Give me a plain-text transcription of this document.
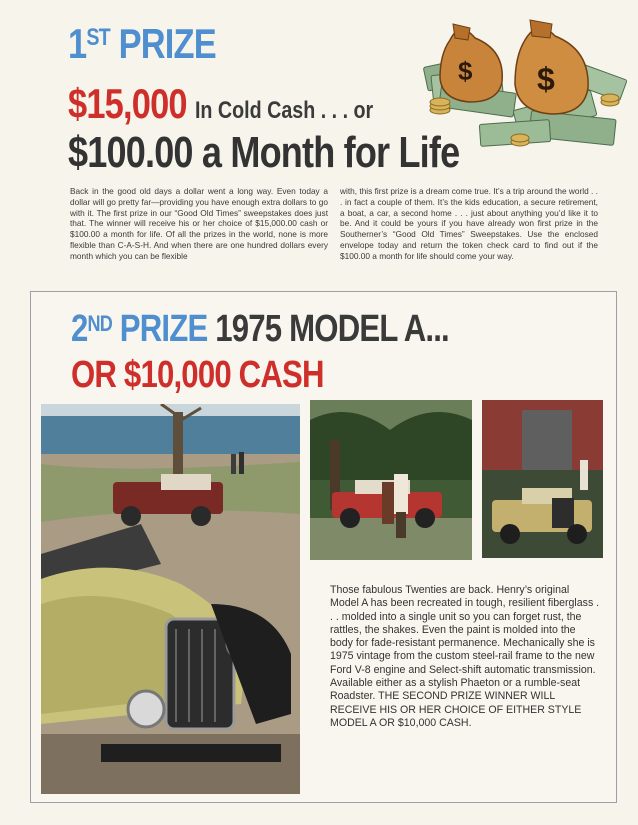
1ST PRIZE
$15,000 In Cold Cash . . . or
$100.00 a Month for Life
$ $
Back in the good old days a dollar went a long way. Even today a dollar will go pretty far—providing you have enough extra dollars to go with it. The first prize in our “Good Old Times” sweepstakes does just that. The winner will receive his or her choice of $15,000.00 cash or $100.00 a month for life. Of all the prizes in the world, none is more flexible than C-A-S-H. And when there are one hundred dollars every month which you can be flexible
with, this first prize is a dream come true. It’s a trip around the world . . . in fact a couple of them. It’s the kids education, a secure retirement, a boat, a car, a second home . . . just about anything you’d like it to be. And it could be yours if you have already won first prize in the Southerner’s “Good Old Times” Sweepstakes. Use the enclosed envelope today and return the token check card to find out if the $100.00 a month for life should come your way.
2ND PRIZE 1975 MODEL A...
OR $10,000 CASH
Those fabulous Twenties are back. Henry’s original Model A has been recreated in tough, resilient fiberglass . . . molded into a single unit so you can forget rust, the rattles, the shakes. Even the paint is molded into the body for fade-resistant permanence. Mechanically she is 1975 vintage from the custom steel-rail frame to the new Ford V-8 engine and Select-shift automatic transmission. Available either as a stylish Phaeton or a rumble-seat Roadster. THE SECOND PRIZE WINNER WILL RECEIVE HIS OR HER CHOICE OF EITHER STYLE MODEL A OR $10,000 CASH.
